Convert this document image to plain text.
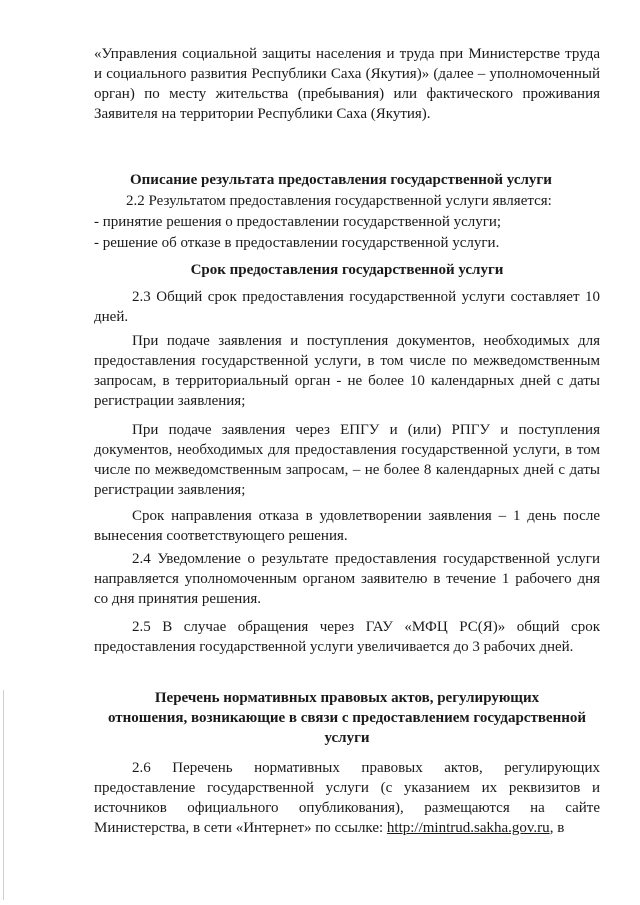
«Управления социальной защиты населения и труда при Министерстве труда и социального развития Республики Саха (Якутия)» (далее – уполномоченный орган) по месту жительства (пребывания) или фактического проживания Заявителя на территории Республики Саха (Якутия).

Описание результата предоставления государственной услуги

2.2 Результатом предоставления государственной услуги является:

- принятие решения о предоставлении государственной услуги;

- решение об отказе в предоставлении государственной услуги.

Срок предоставления государственной услуги

2.3 Общий срок предоставления государственной услуги составляет 10 дней.

При подаче заявления и поступления документов, необходимых для предоставления государственной услуги, в том числе по межведомственным запросам, в территориальный орган - не более 10 календарных дней с даты регистрации заявления;

При подаче заявления через ЕПГУ и (или) РПГУ и поступления документов, необходимых для предоставления государственной услуги, в том числе по межведомственным запросам, – не более 8 календарных дней с даты регистрации заявления;

Срок направления отказа в удовлетворении заявления – 1 день после вынесения соответствующего решения.

2.4 Уведомление о результате предоставления государственной услуги направляется уполномоченным органом заявителю в течение 1 рабочего дня со дня принятия решения.

2.5 В случае обращения через ГАУ «МФЦ РС(Я)» общий срок предоставления государственной услуги увеличивается до 3 рабочих дней.

Перечень нормативных правовых актов, регулирующих

отношения, возникающие в связи с предоставлением государственной

услуги

2.6 Перечень нормативных правовых актов, регулирующих предоставление государственной услуги (с указанием их реквизитов и источников официального опубликования), размещаются на сайте Министерства, в сети «Интернет» по ссылке: http://mintrud.sakha.gov.ru, в
